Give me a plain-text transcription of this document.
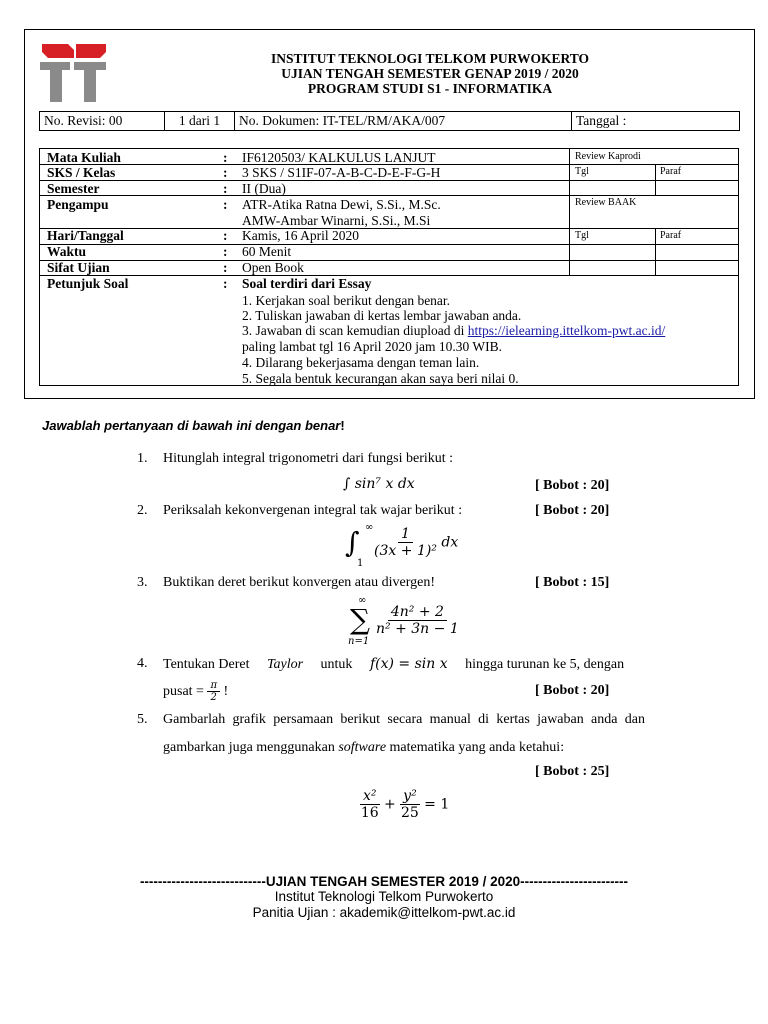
INSTITUT TEKNOLOGI TELKOM PURWOKERTO
UJIAN TENGAH SEMESTER GENAP 2019 / 2020
PROGRAM STUDI S1 - INFORMATIKA
No. Revisi: 00	1 dari 1	No. Dokumen: IT-TEL/RM/AKA/007	Tanggal :
Mata Kuliah	: IF6120503/ KALKULUS LANJUT
SKS / Kelas	: 3 SKS / S1IF-07-A-B-C-D-E-F-G-H
Semester	: II (Dua)
Pengampu	: ATR-Atika Ratna Dewi, S.Si., M.Sc.
AMW-Ambar Winarni, S.Si., M.Si
Hari/Tanggal	: Kamis, 16 April 2020
Waktu	: 60 Menit
Sifat Ujian	: Open Book
Petunjuk Soal	: Soal terdiri dari Essay
1. Kerjakan soal berikut dengan benar.
2. Tuliskan jawaban di kertas lembar jawaban anda.
3. Jawaban di scan kemudian diupload di https://ielearning.ittelkom-pwt.ac.id/
paling lambat tgl 16 April 2020 jam 10.30 WIB.
4. Dilarang bekerjasama dengan teman lain.
5. Segala bentuk kecurangan akan saya beri nilai 0.
Review Kaprodi
Tgl	Paraf
Review BAAK
Tgl	Paraf
Jawablah pertanyaan di bawah ini dengan benar!
1. Hitunglah integral trigonometri dari fungsi berikut :
∫ sin⁷ x dx	[ Bobot : 20]
2. Periksalah kekonvergenan integral tak wajar berikut :	[ Bobot : 20]
∫ ∞
1
$\frac{1}{\text{(3x + 1)²}}$ dx
3. Buktikan deret berikut konvergen atau divergen!	[ Bobot : 15]
∞
∑
n=1
$\frac{\text{4n² + 2}}{\text{n² + 3n − 1}}$
4. Tentukan Deret Taylor untuk f(x) = sin x hingga turunan ke 5, dengan
pusat = $\frac{\pi}{2}$ !	[ Bobot : 20]
5. Gambarlah grafik persamaan berikut secara manual di kertas jawaban anda dan gambarkan juga menggunakan software matematika yang anda ketahui:
[ Bobot : 25]
$\frac{\text{x²}}{16} + \frac{\text{y²}}{25} = 1$
----------------------------UJIAN TENGAH SEMESTER 2019 / 2020------------------------
Institut Teknologi Telkom Purwokerto
Panitia Ujian : akademik@ittelkom-pwt.ac.id
